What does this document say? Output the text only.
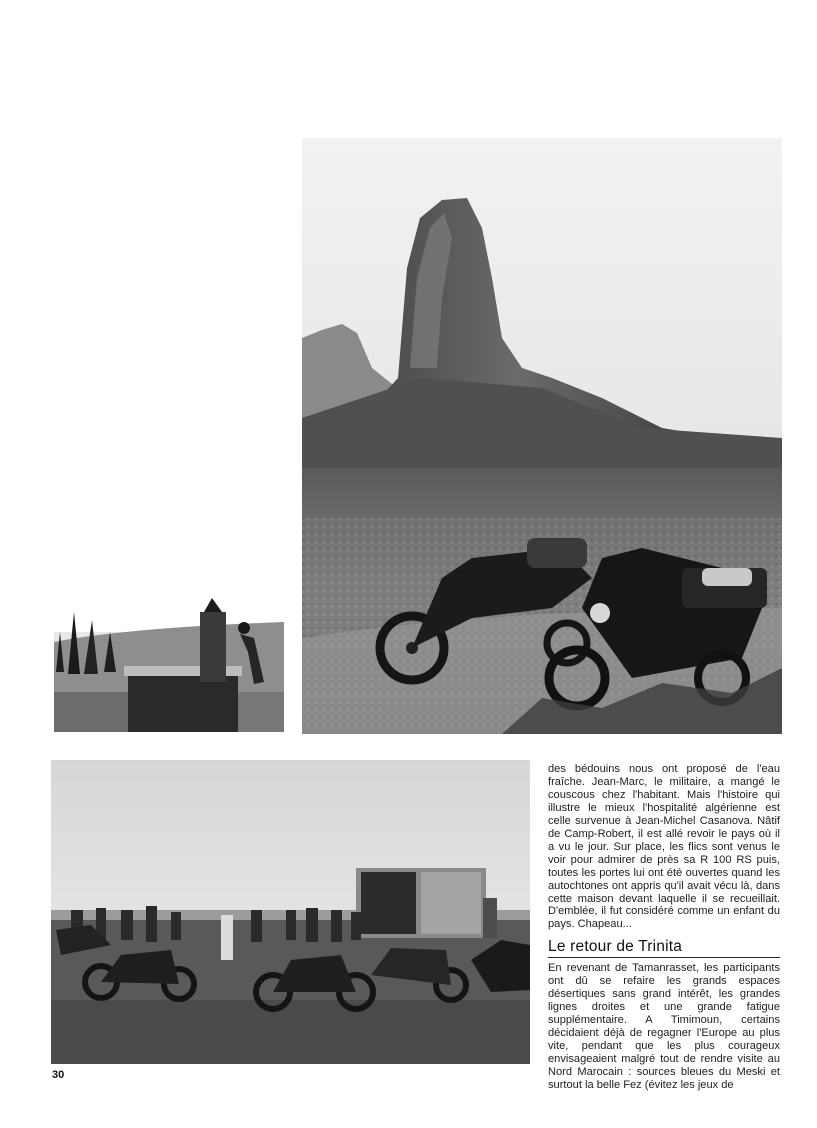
des bédouins nous ont proposé de l'eau fraîche. Jean-Marc, le militaire, a mangé le couscous chez l'habitant. Mais l'histoire qui illustre le mieux l'hospitalité algérienne est celle survenue à Jean-Michel Casanova. Nâtif de Camp-Robert, il est allé revoir le pays où il a vu le jour. Sur place, les flics sont venus le voir pour admirer de près sa R 100 RS puis, toutes les portes lui ont été ouvertes quand les autochtones ont appris qu'il avait vécu là, dans cette maison devant laquelle il se recueillait. D'emblée, il fut considéré comme un enfant du pays. Chapeau...

Le retour de Trinita

En revenant de Tamanrasset, les participants ont dû se refaire les grands espaces désertiques sans grand intérêt, les grandes lignes droites et une grande fatigue supplémentaire. A Timimoun, certains décidaient déjà de regagner l'Europe au plus vite, pendant que les plus courageux envisageaient malgré tout de rendre visite au Nord Marocain : sources bleues du Meski et surtout la belle Fez (évitez les jeux de

30
